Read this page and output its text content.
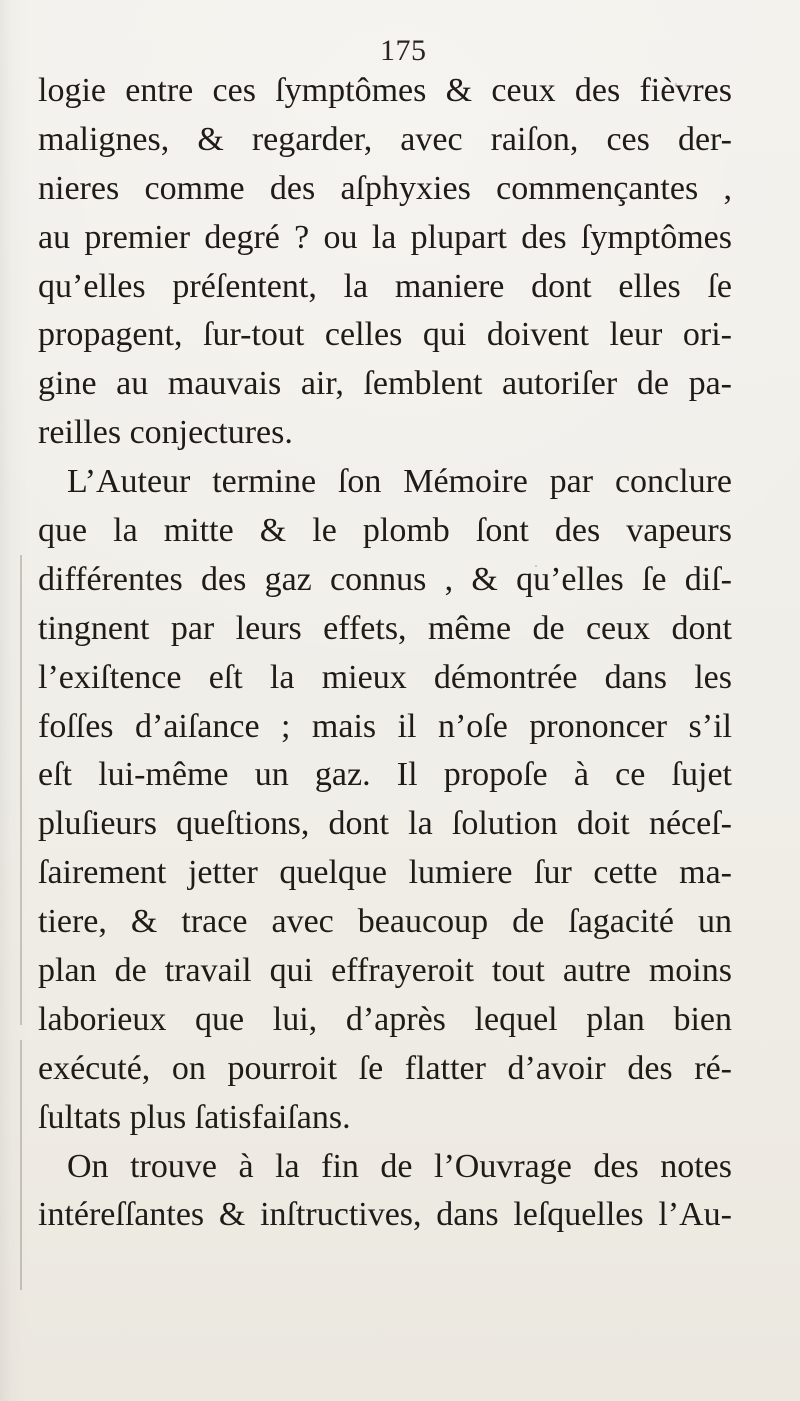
175
logie entre ces ſymptômes & ceux des fièvres
malignes, & regarder, avec raiſon, ces der-
nieres comme des aſphyxies commençantes ,
au premier degré ? ou la plupart des ſymptômes
qu’elles préſentent, la maniere dont elles ſe
propagent, ſur-tout celles qui doivent leur ori-
gine au mauvais air, ſemblent autoriſer de pa-
reilles conjectures.
L’Auteur termine ſon Mémoire par conclure
que la mitte & le plomb ſont des vapeurs
différentes des gaz connus , & qu’elles ſe diſ-
tingnent par leurs effets, même de ceux dont
l’exiſtence eſt la mieux démontrée dans les
foſſes d’aiſance ; mais il n’oſe prononcer s’il
eſt lui-même un gaz. Il propoſe à ce ſujet
pluſieurs queſtions, dont la ſolution doit néceſ-
ſairement jetter quelque lumiere ſur cette ma-
tiere, & trace avec beaucoup de ſagacité un
plan de travail qui effrayeroit tout autre moins
laborieux que lui, d’après lequel plan bien
exécuté, on pourroit ſe flatter d’avoir des ré-
ſultats plus ſatisfaiſans.
On trouve à la fin de l’Ouvrage des notes
intéreſſantes & inſtructives, dans leſquelles l’Au-
